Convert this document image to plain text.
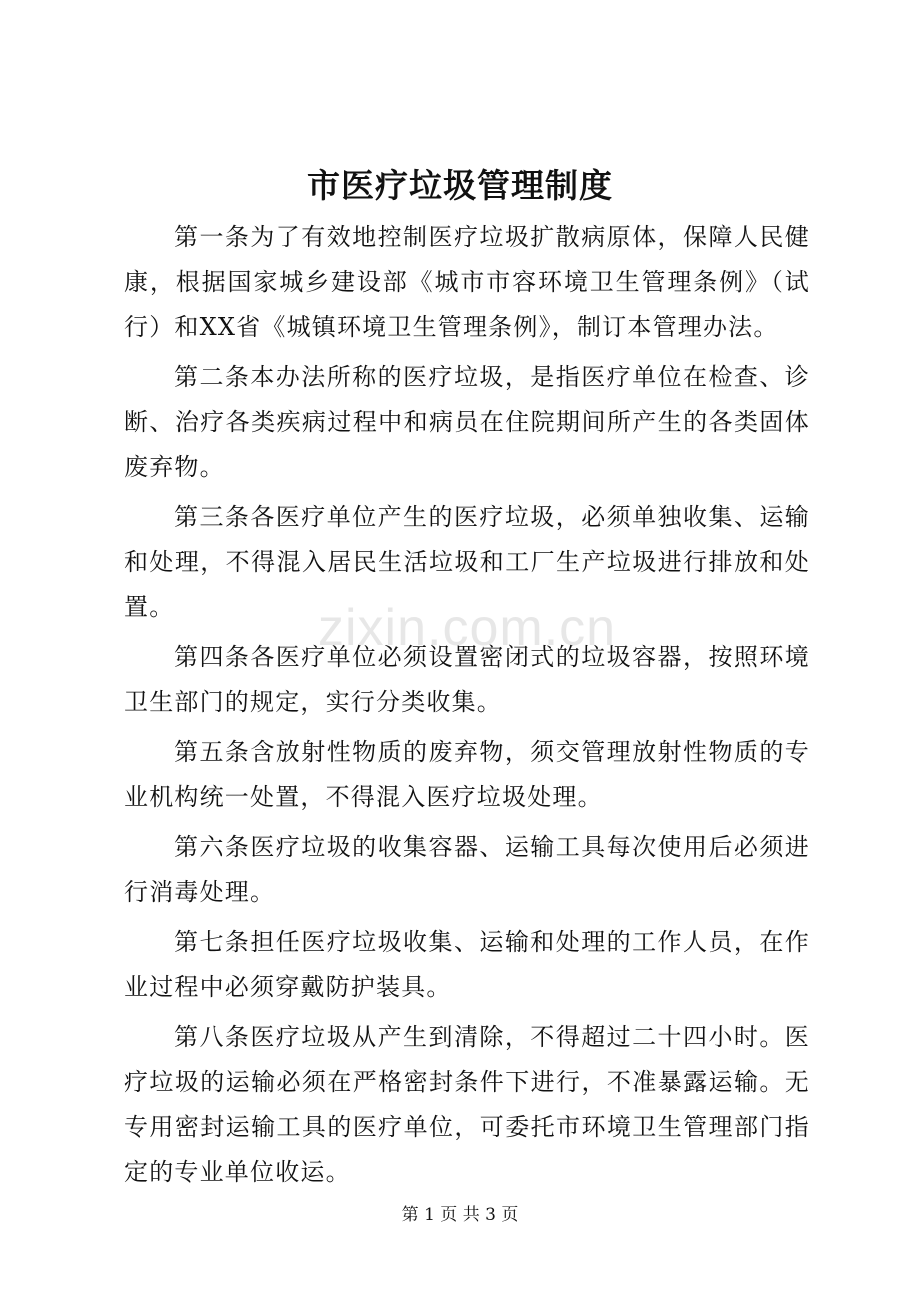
市医疗垃圾管理制度

第一条为了有效地控制医疗垃圾扩散病原体，保障人民健康，根据国家城乡建设部《城市市容环境卫生管理条例》（试行）和XX省《城镇环境卫生管理条例》，制订本管理办法。

第二条本办法所称的医疗垃圾，是指医疗单位在检查、诊断、治疗各类疾病过程中和病员在住院期间所产生的各类固体废弃物。

第三条各医疗单位产生的医疗垃圾，必须单独收集、运输和处理，不得混入居民生活垃圾和工厂生产垃圾进行排放和处置。

第四条各医疗单位必须设置密闭式的垃圾容器，按照环境卫生部门的规定，实行分类收集。

第五条含放射性物质的废弃物，须交管理放射性物质的专业机构统一处置，不得混入医疗垃圾处理。

第六条医疗垃圾的收集容器、运输工具每次使用后必须进行消毒处理。

第七条担任医疗垃圾收集、运输和处理的工作人员，在作业过程中必须穿戴防护装具。

第八条医疗垃圾从产生到清除，不得超过二十四小时。医疗垃圾的运输必须在严格密封条件下进行，不准暴露运输。无专用密封运输工具的医疗单位，可委托市环境卫生管理部门指定的专业单位收运。

zixin.com.cn
第 1 页 共 3 页
